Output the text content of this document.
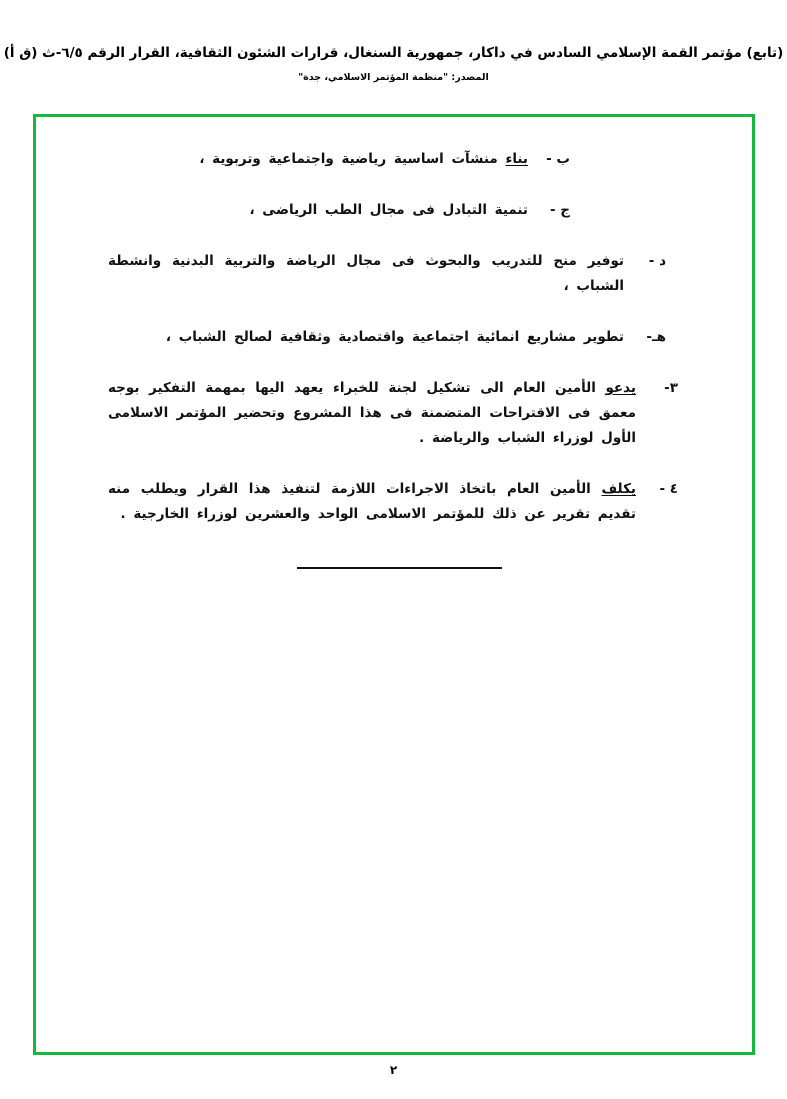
(تابع) مؤتمر القمة الإسلامي السادس في داكار، جمهورية السنغال، قرارات الشئون الثقافية، القرار الرقم ٦/٥-ث (ق أ)
المصدر: "منظمة المؤتمر الاسلامي، جدة"
ب -
بناء منشآت اساسية رياضية واجتماعية وتربوية ،
ج -
تنمية التبادل فى مجال الطب الرياضى ،
د -
توفير منح للتدريب والبحوث فى مجال الرياضة والتربية البدنية وانشطة الشباب ،
هـ-
تطوير مشاريع انمائية اجتماعية واقتصادية وثقافية لصالح الشباب ،
٣-
يدعو الأمين العام الى تشكيل لجنة للخبراء يعهد اليها بمهمة التفكير بوجه معمق فى الاقتراحات المتضمنة فى هذا المشروع وتحضير المؤتمر الاسلامى الأول لوزراء الشباب والرياضة .
٤ -
يكلف الأمين العام باتخاذ الاجراءات اللازمة لتنفيذ هذا القرار ويطلب منه تقديم تقرير عن ذلك للمؤتمر الاسلامى الواحد والعشرين لوزراء الخارجية .
٢
